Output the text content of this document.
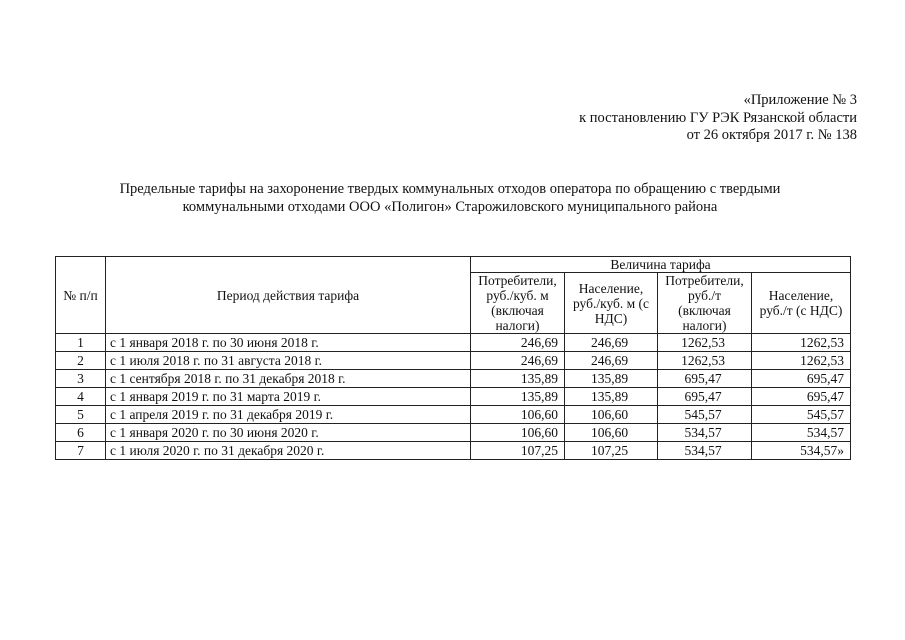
«Приложение № 3
к постановлению ГУ РЭК Рязанской области
от 26 октября 2017 г. № 138
Предельные тарифы на захоронение твердых коммунальных отходов оператора по обращению с твердыми
коммунальными отходами ООО «Полигон» Старожиловского муниципального района
№ п/п	Период действия тарифа	Величина тарифа			
		Потребители, руб./куб. м (включая налоги)	Население, руб./куб. м (с НДС)	Потребители, руб./т (включая налоги)	Население, руб./т (с НДС)
1	с 1 января 2018 г. по 30 июня 2018 г.	246,69	246,69	1262,53	1262,53
2	с 1 июля 2018 г. по 31 августа 2018 г.	246,69	246,69	1262,53	1262,53
3	с 1 сентября 2018 г. по 31 декабря 2018 г.	135,89	135,89	695,47	695,47
4	с 1 января 2019 г. по 31 марта 2019 г.	135,89	135,89	695,47	695,47
5	с 1 апреля 2019 г. по 31 декабря 2019 г.	106,60	106,60	545,57	545,57
6	с 1 января 2020 г. по 30 июня 2020 г.	106,60	106,60	534,57	534,57
7	с 1 июля 2020 г. по 31 декабря 2020 г.	107,25	107,25	534,57	534,57»
